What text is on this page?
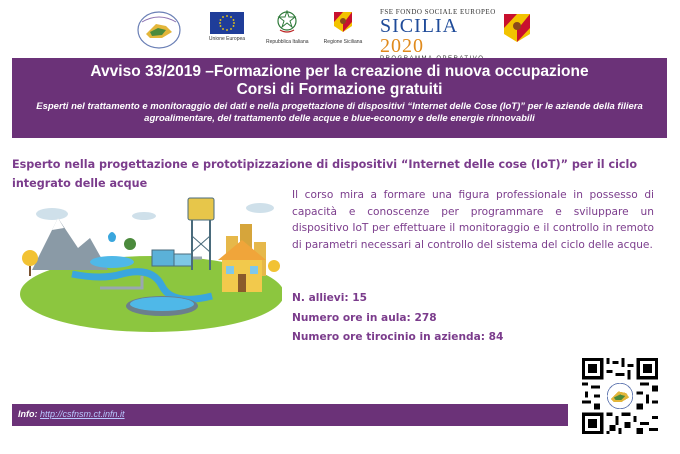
Unione Europea	Repubblica Italiana	Regione Siciliana
FSE FONDO SOCIALE EUROPEO
SICILIA 2020
Avviso 33/2019 –Formazione per la creazione di nuova occupazione
Corsi di Formazione gratuiti

Esperti nel trattamento e monitoraggio dei dati e nella progettazione di dispositivi “Internet delle Cose (IoT)” per le aziende della filiera agroalimentare, del trattamento delle acque e blue-economy e delle energie rinnovabili

Esperto nella progettazione e prototipizzazione di dispositivi “Internet delle cose (IoT)” per il ciclo integrato delle acque
Il corso mira a formare una figura professionale in possesso di capacità e conoscenze per programmare e sviluppare un dispositivo IoT per effettuare il monitoraggio e il controllo in remoto di parametri necessari al controllo del sistema del ciclo delle acque.
N. allievi: 15
Numero ore in aula: 278
Numero ore tirocinio in azienda: 84
Info: http://csfnsm.ct.infn.it
